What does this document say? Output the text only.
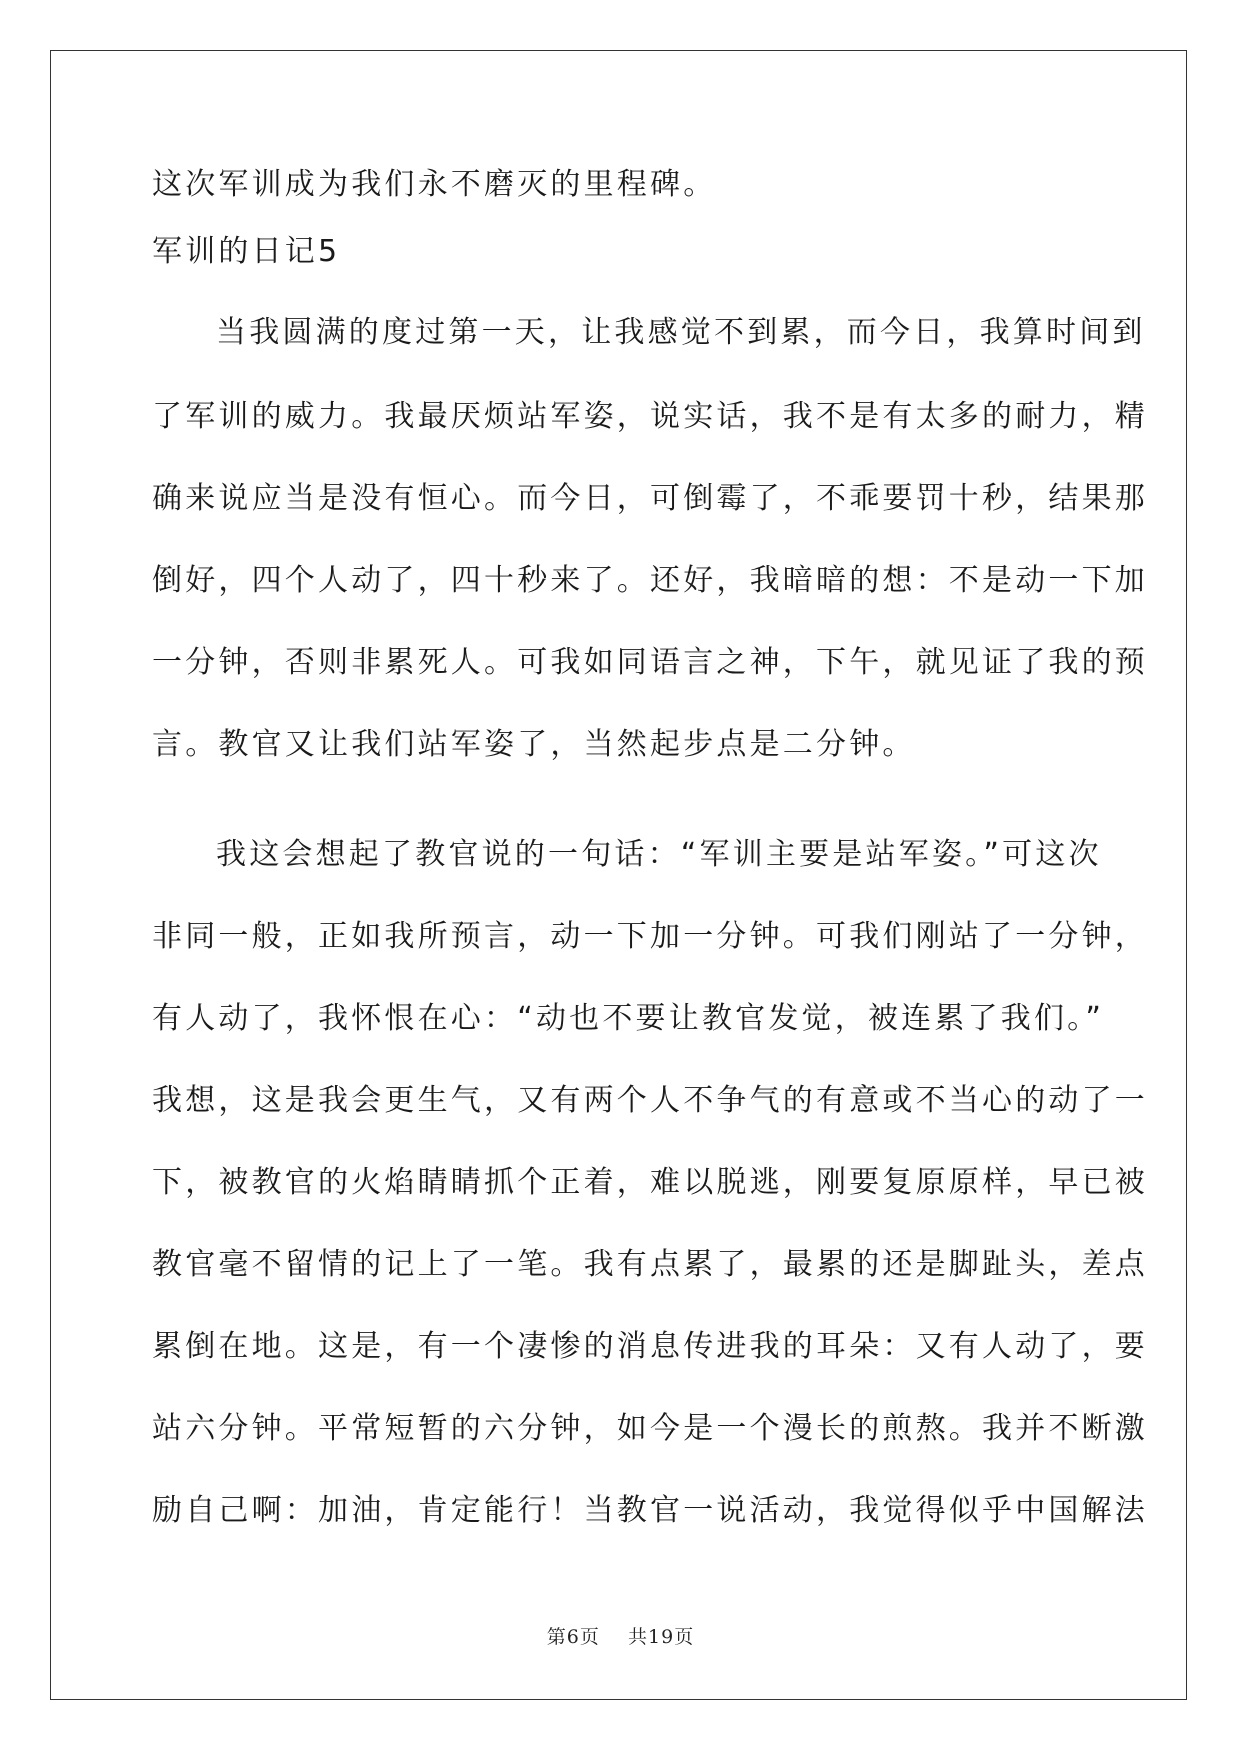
这次军训成为我们永不磨灭的里程碑。
军训的日记5
当我圆满的度过第一天，让我感觉不到累，而今日，我算时间到
了军训的威力。我最厌烦站军姿，说实话，我不是有太多的耐力，精
确来说应当是没有恒心。而今日，可倒霉了，不乖要罚十秒，结果那
倒好，四个人动了，四十秒来了。还好，我暗暗的想：不是动一下加
一分钟，否则非累死人。可我如同语言之神，下午，就见证了我的预
言。教官又让我们站军姿了，当然起步点是二分钟。
我这会想起了教官说的一句话：“军训主要是站军姿。”可这次
非同一般，正如我所预言，动一下加一分钟。可我们刚站了一分钟，
有人动了，我怀恨在心：“动也不要让教官发觉，被连累了我们。”
我想，这是我会更生气，又有两个人不争气的有意或不当心的动了一
下，被教官的火焰睛睛抓个正着，难以脱逃，刚要复原原样，早已被
教官毫不留情的记上了一笔。我有点累了，最累的还是脚趾头，差点
累倒在地。这是，有一个凄惨的消息传进我的耳朵：又有人动了，要
站六分钟。平常短暂的六分钟，如今是一个漫长的煎熬。我并不断激
励自己啊：加油，肯定能行！当教官一说活动，我觉得似乎中国解法
第6页 共19页
